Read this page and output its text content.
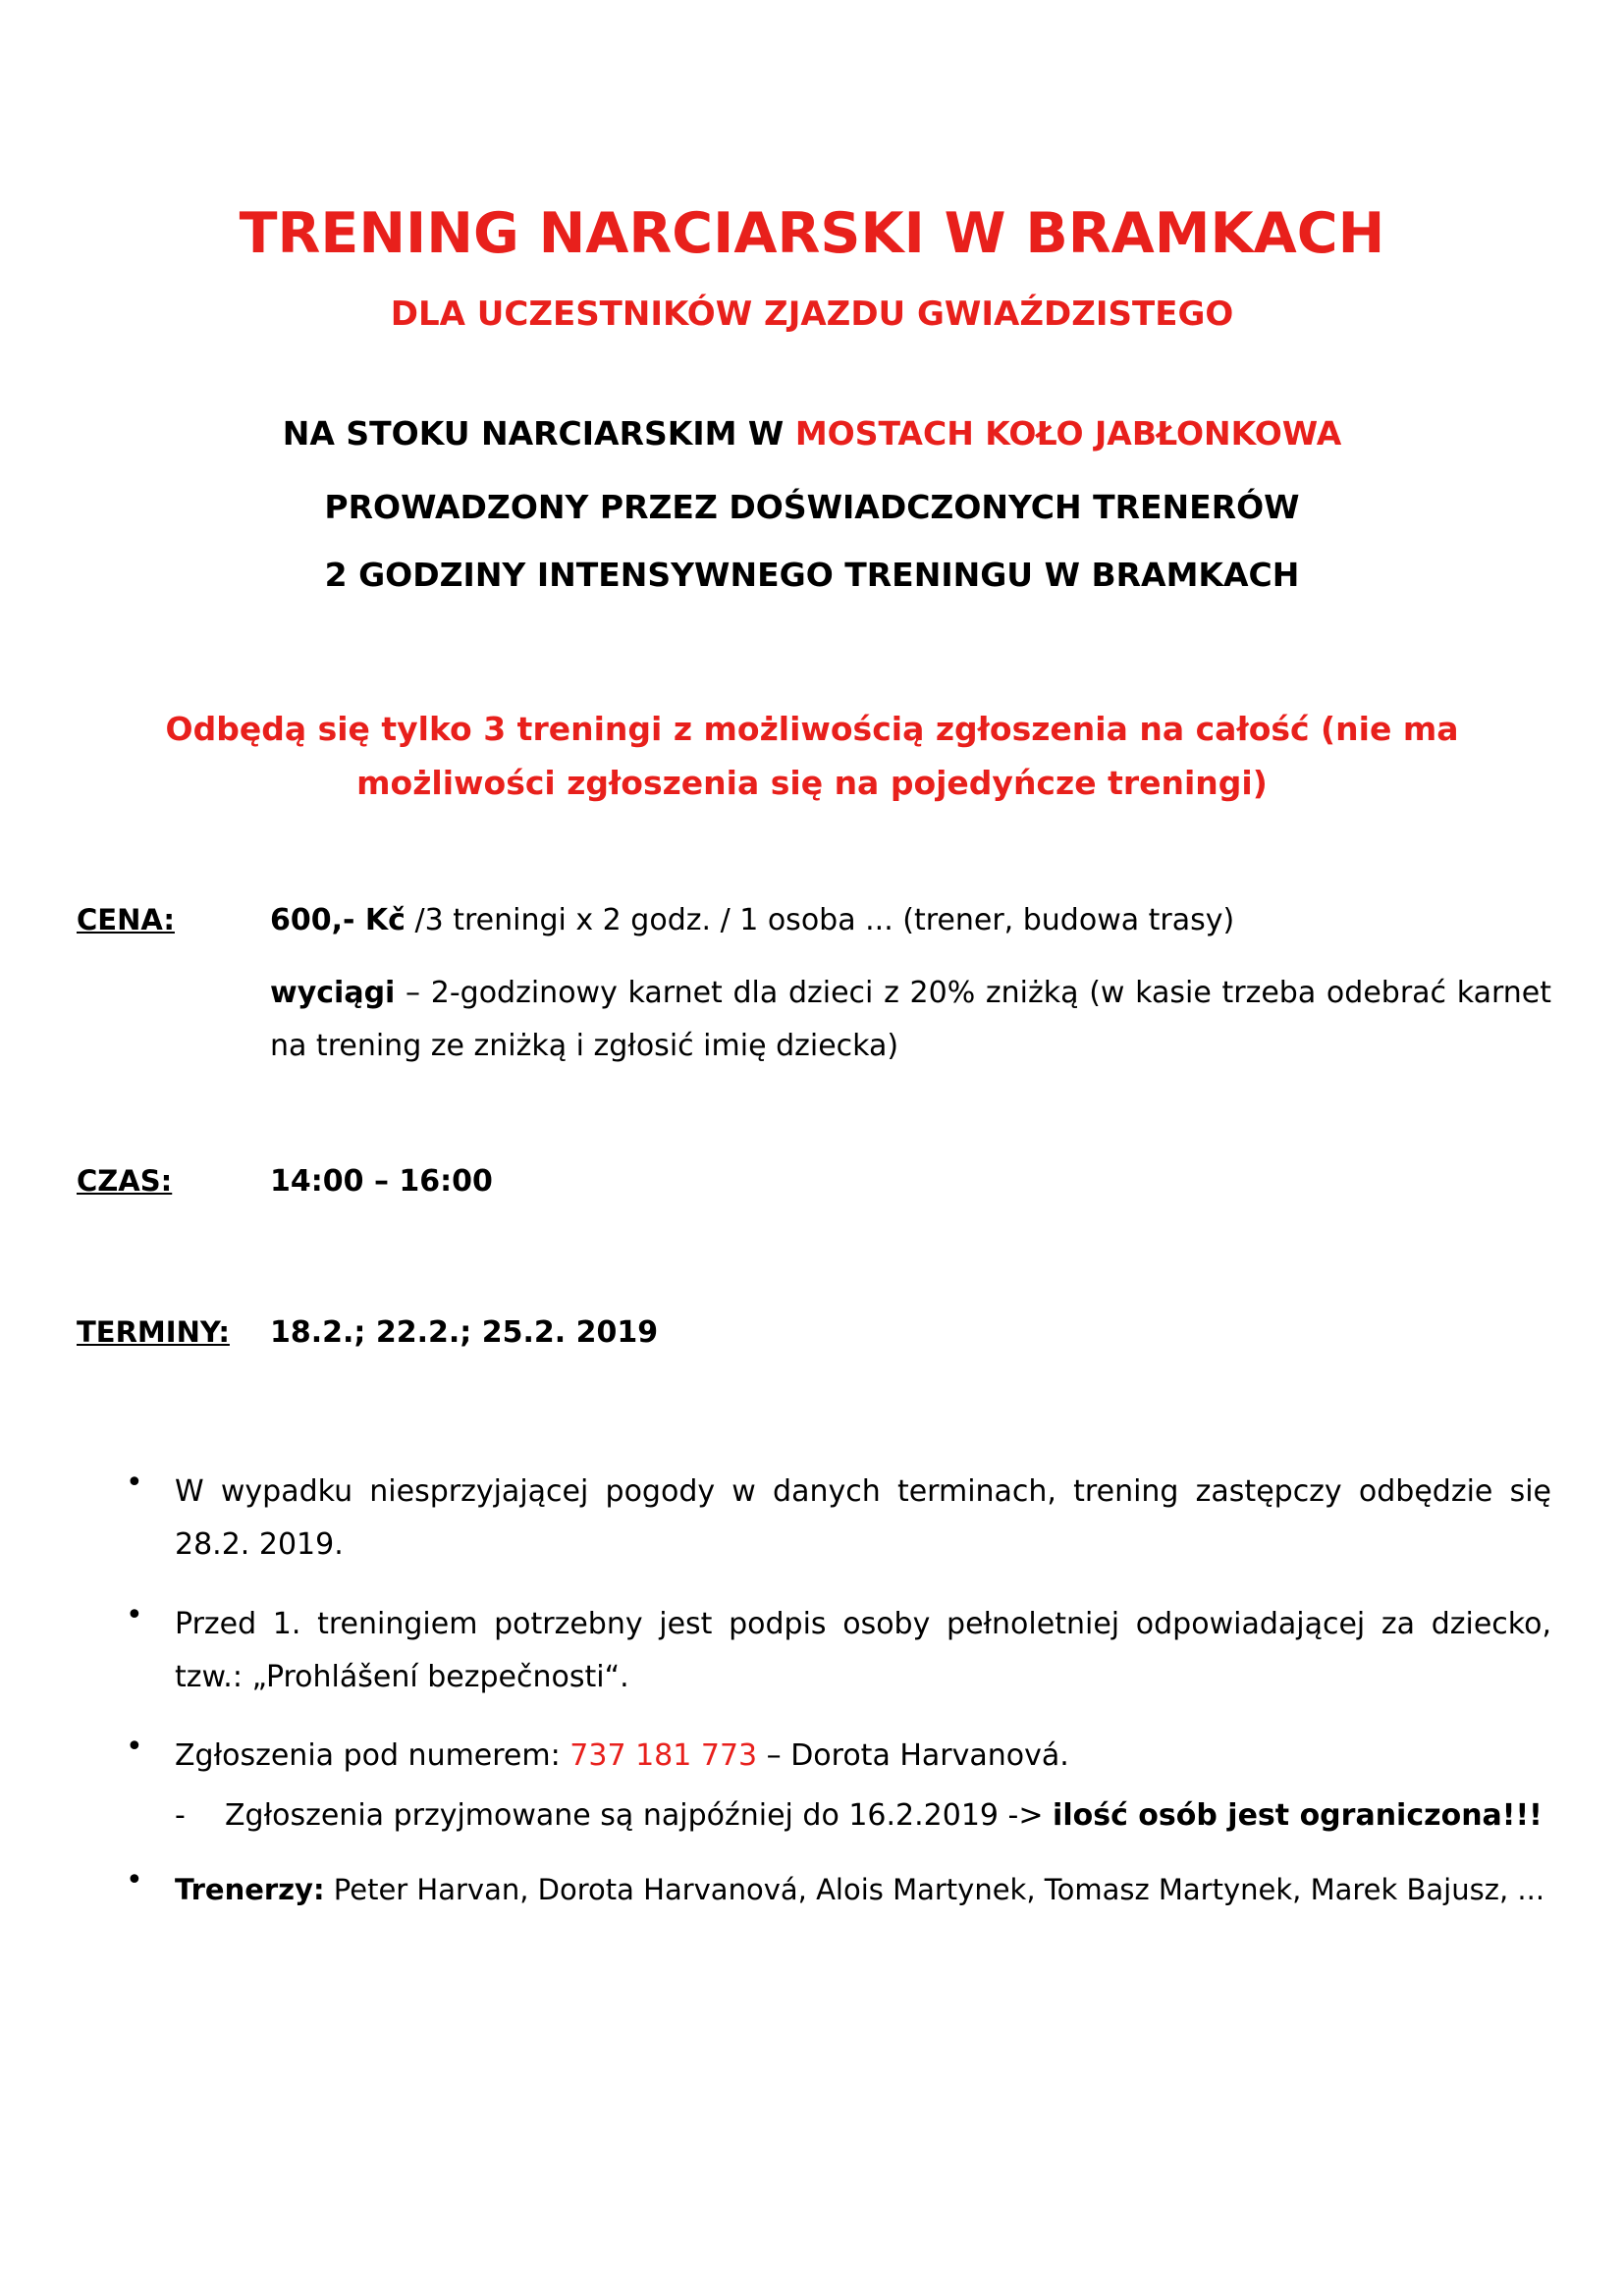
TRENING NARCIARSKI W BRAMKACH
DLA UCZESTNIKÓW ZJAZDU GWIAŹDZISTEGO
NA STOKU NARCIARSKIM W MOSTACH KOŁO JABŁONKOWA
PROWADZONY PRZEZ DOŚWIADCZONYCH TRENERÓW
2 GODZINY INTENSYWNEGO TRENINGU W BRAMKACH
Odbędą się tylko 3 treningi z możliwością zgłoszenia na całość (nie ma możliwości zgłoszenia się na pojedyńcze treningi)
CENA:	600,- Kč /3 treningi x 2 godz. / 1 osoba ... (trener, budowa trasy)
wyciągi – 2-godzinowy karnet dla dzieci z 20% zniżką (w kasie trzeba odebrać karnet na trening ze zniżką i zgłosić imię dziecka)
CZAS:	14:00 – 16:00
TERMINY: 18.2.; 22.2.; 25.2. 2019
• W wypadku niesprzyjającej pogody w danych terminach, trening zastępczy odbędzie się 28.2. 2019.
• Przed 1. treningiem potrzebny jest podpis osoby pełnoletniej odpowiadającej za dziecko, tzw.: „Prohlášení bezpečnosti“.
• Zgłoszenia pod numerem: 737 181 773 – Dorota Harvanová.
- Zgłoszenia przyjmowane są najpóźniej do 16.2.2019 -> ilość osób jest ograniczona!!!
• Trenerzy: Peter Harvan, Dorota Harvanová, Alois Martynek, Tomasz Martynek, Marek Bajusz, ...
